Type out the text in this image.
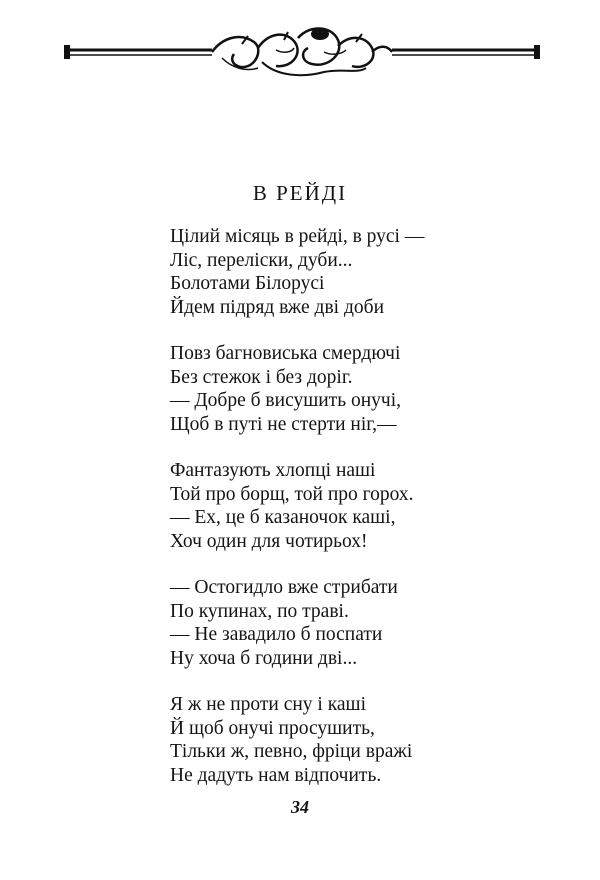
В РЕЙДІ
Цілий місяць в рейді, в русі —
Ліс, переліски, дуби...
Болотами Білорусі
Йдем підряд вже дві доби
Повз багновиська смердючі
Без стежок і без доріг.
— Добре б висушить онучі,
Щоб в путі не стерти ніг,—
Фантазують хлопці наші
Той про борщ, той про горох.
— Ех, це б казаночок каші,
Хоч один для чотирьох!
— Остогидло вже стрибати
По купинах, по траві.
— Не завадило б поспати
Ну хоча б години дві...
Я ж не проти сну і каші
Й щоб онучі просушить,
Тільки ж, певно, фріци вражі
Не дадуть нам відпочить.
34
